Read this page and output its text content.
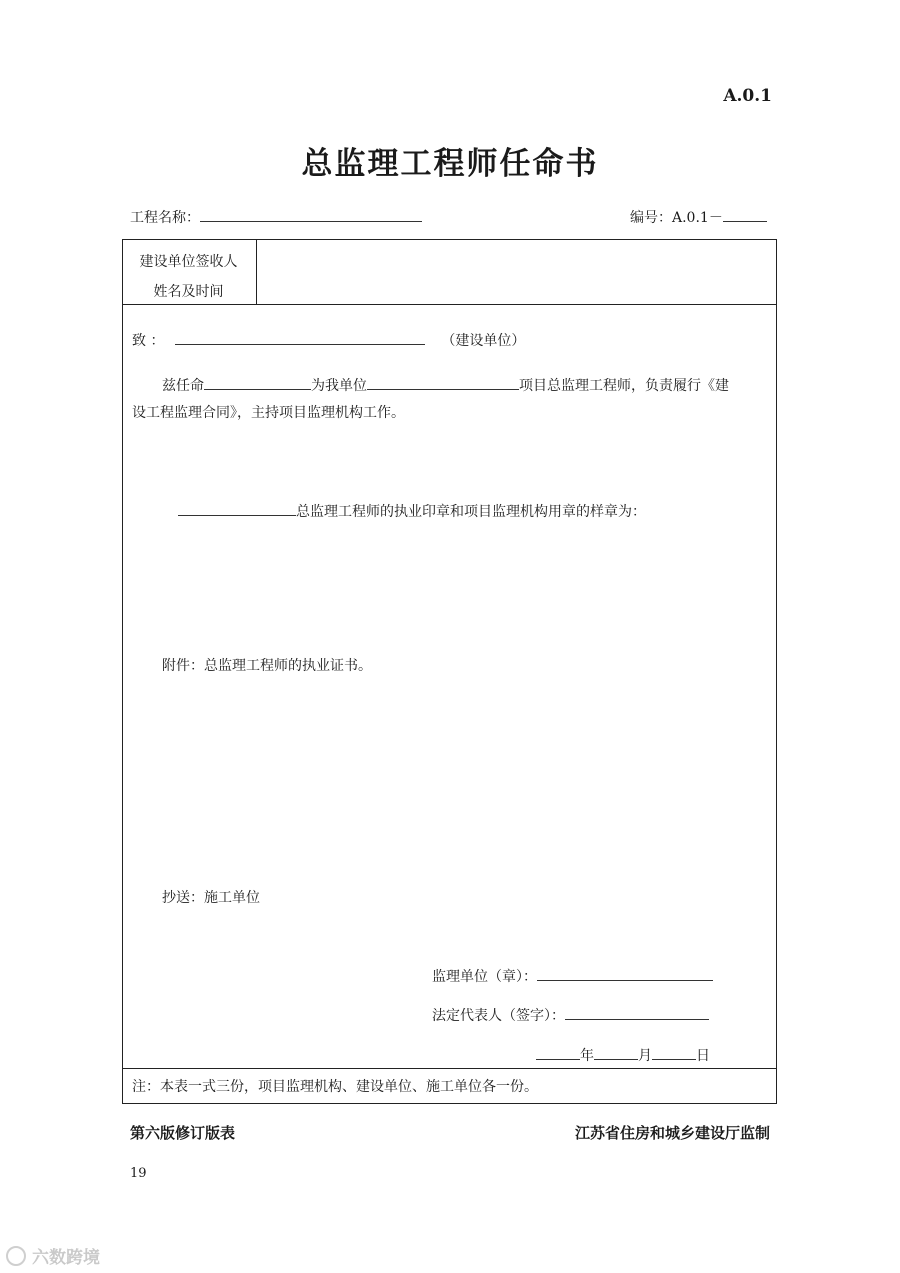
A.0.1
总监理工程师任命书
工程名称：	编号：A.0.1－
建设单位签收人
姓名及时间
致 ：	（建设单位）
兹任命	为我单位	项目总监理工程师，负责履行《建
设工程监理合同》，主持项目监理机构工作。
总监理工程师的执业印章和项目监理机构用章的样章为：
附件：总监理工程师的执业证书。
抄送：施工单位
监理单位（章）：
法定代表人（签字）：
年	月	日
注：本表一式三份，项目监理机构、建设单位、施工单位各一份。
第六版修订版表	江苏省住房和城乡建设厅监制
19
六数跨境
